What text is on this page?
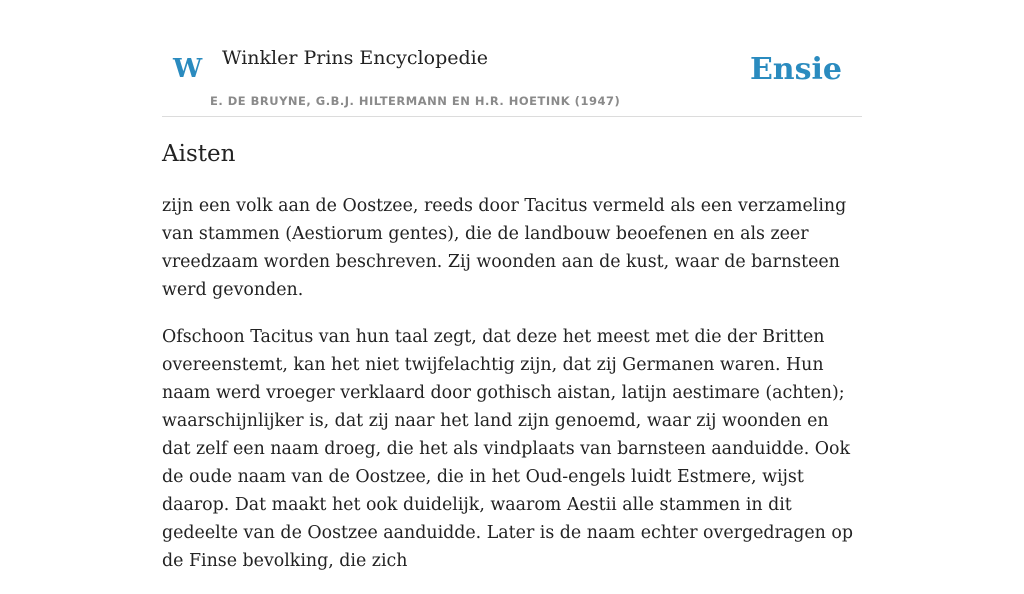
W Winkler Prins Encyclopedie
E. DE BRUYNE, G.B.J. HILTERMANN EN H.R. HOETINK (1947)
Ensie
Aisten

zijn een volk aan de Oostzee, reeds door Tacitus vermeld als een verzameling van stammen (Aestiorum gentes), die de landbouw beoefenen en als zeer vreedzaam worden beschreven. Zij woonden aan de kust, waar de barnsteen werd gevonden.

Ofschoon Tacitus van hun taal zegt, dat deze het meest met die der Britten overeenstemt, kan het niet twijfelachtig zijn, dat zij Germanen waren. Hun naam werd vroeger verklaard door gothisch aistan, latijn aestimare (achten); waarschijnlijker is, dat zij naar het land zijn genoemd, waar zij woonden en dat zelf een naam droeg, die het als vindplaats van barnsteen aanduidde. Ook de oude naam van de Oostzee, die in het Oud-engels luidt Estmere, wijst daarop. Dat maakt het ook duidelijk, waarom Aestii alle stammen in dit gedeelte van de Oostzee aanduidde. Later is de naam echter overgedragen op de Finse bevolking, die zich
